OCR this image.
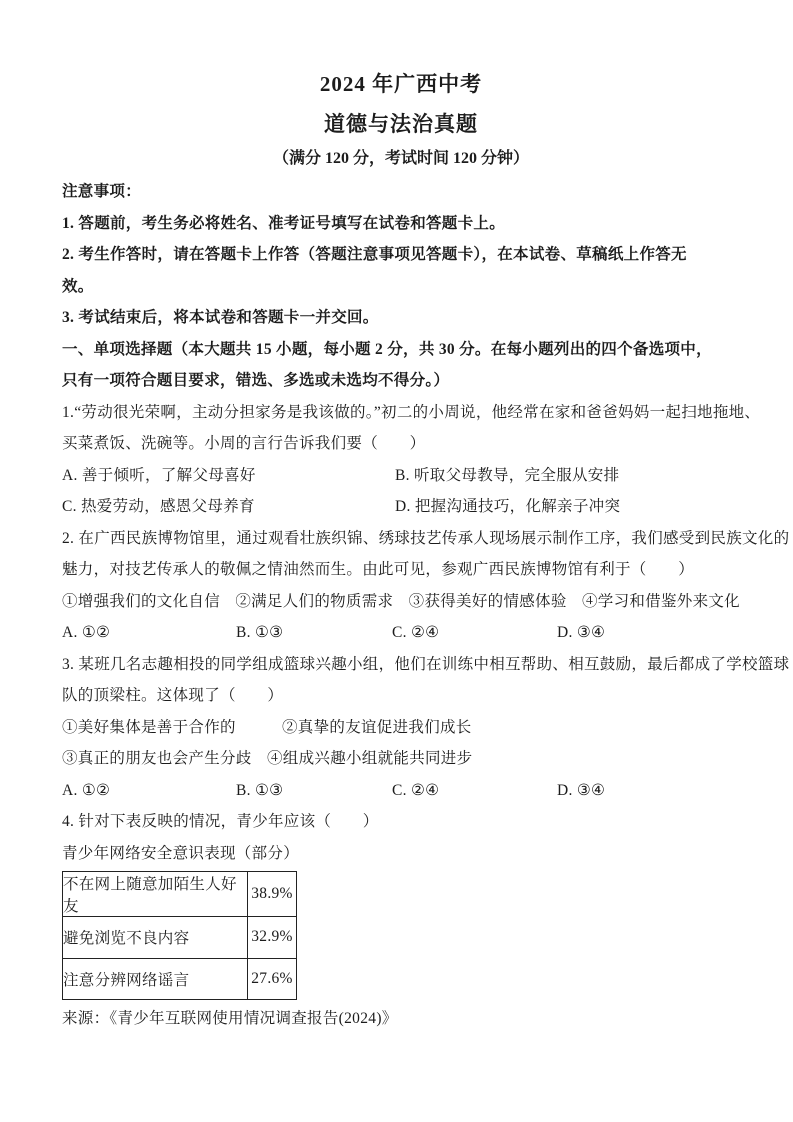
2024 年广西中考
道德与法治真题
（满分 120 分，考试时间 120 分钟）
注意事项：
1. 答题前，考生务必将姓名、准考证号填写在试卷和答题卡上。
2. 考生作答时，请在答题卡上作答（答题注意事项见答题卡），在本试卷、草稿纸上作答无
效。
3. 考试结束后，将本试卷和答题卡一并交回。
一、单项选择题（本大题共 15 小题，每小题 2 分，共 30 分。在每小题列出的四个备选项中，
只有一项符合题目要求，错选、多选或未选均不得分。）
1.“劳动很光荣啊，主动分担家务是我该做的。”初二的小周说，他经常在家和爸爸妈妈一起扫地拖地、
买菜煮饭、洗碗等。小周的言行告诉我们要（　　）
A. 善于倾听，了解父母喜好	B. 听取父母教导，完全服从安排
C. 热爱劳动，感恩父母养育	D. 把握沟通技巧，化解亲子冲突
2. 在广西民族博物馆里，通过观看壮族织锦、绣球技艺传承人现场展示制作工序，我们感受到民族文化的
魅力，对技艺传承人的敬佩之情油然而生。由此可见，参观广西民族博物馆有利于（　　）
①增强我们的文化自信 ②满足人们的物质需求 ③获得美好的情感体验 ④学习和借鉴外来文化
A. ①②	B. ①③	C. ②④	D. ③④
3. 某班几名志趣相投的同学组成篮球兴趣小组，他们在训练中相互帮助、相互鼓励，最后都成了学校篮球
队的顶梁柱。这体现了（　　）
①美好集体是善于合作的	②真挚的友谊促进我们成长
③真正的朋友也会产生分歧 ④组成兴趣小组就能共同进步
A. ①②	B. ①③	C. ②④	D. ③④
4. 针对下表反映的情况，青少年应该（　　）
青少年网络安全意识表现（部分）
不在网上随意加陌生人好友	38.9%
避免浏览不良内容	32.9%
注意分辨网络谣言	27.6%
来源：《青少年互联网使用情况调查报告(2024)》
